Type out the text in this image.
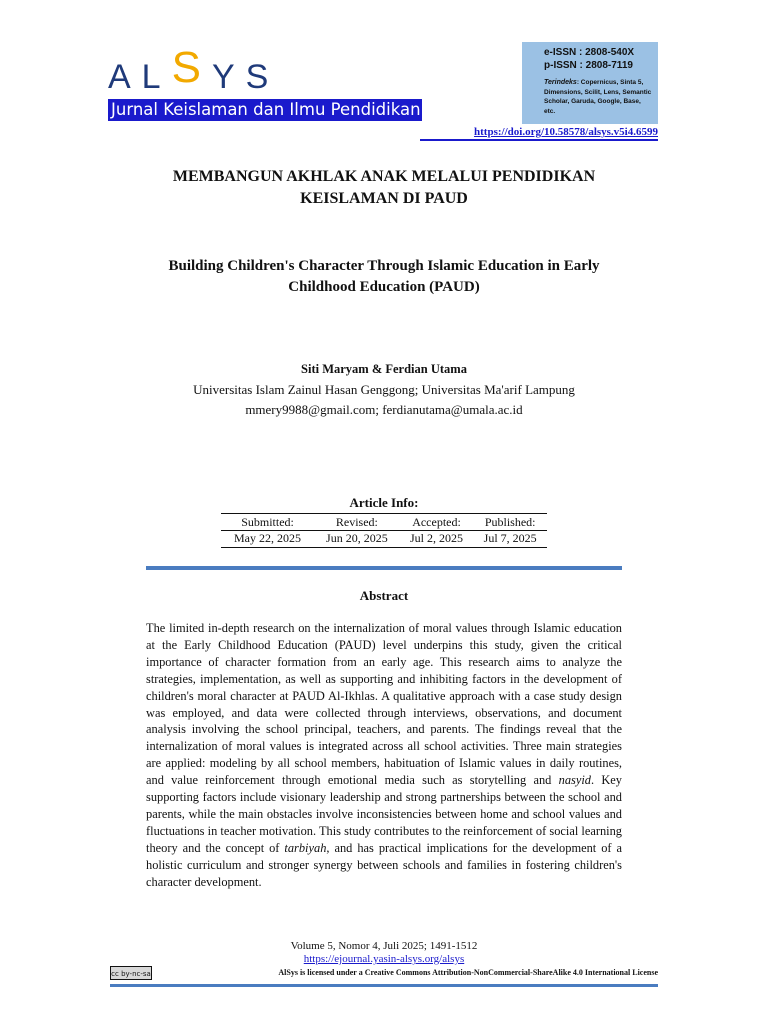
ALSYS
Jurnal Keislaman dan Ilmu Pendidikan
e-ISSN : 2808-540X
p-ISSN : 2808-7119
Terindeks: Copernicus, Sinta 5, Dimensions, Scilit, Lens, Semantic Scholar, Garuda, Google, Base, etc.
https://doi.org/10.58578/alsys.v5i4.6599
MEMBANGUN AKHLAK ANAK MELALUI PENDIDIKAN
KEISLAMAN DI PAUD
Building Children's Character Through Islamic Education in Early
Childhood Education (PAUD)
Siti Maryam & Ferdian Utama
Universitas Islam Zainul Hasan Genggong; Universitas Ma'arif Lampung
mmery9988@gmail.com; ferdianutama@umala.ac.id
Article Info:
Submitted:	Revised:	Accepted:	Published:
May 22, 2025	Jun 20, 2025	Jul 2, 2025	Jul 7, 2025
Abstract

The limited in-depth research on the internalization of moral values through Islamic education at the Early Childhood Education (PAUD) level underpins this study, given the critical importance of character formation from an early age. This research aims to analyze the strategies, implementation, as well as supporting and inhibiting factors in the development of children's moral character at PAUD Al-Ikhlas. A qualitative approach with a case study design was employed, and data were collected through interviews, observations, and document analysis involving the school principal, teachers, and parents. The findings reveal that the internalization of moral values is integrated across all school activities. Three main strategies are applied: modeling by all school members, habituation of Islamic values in daily routines, and value reinforcement through emotional media such as storytelling and nasyid. Key supporting factors include visionary leadership and strong partnerships between the school and parents, while the main obstacles involve inconsistencies between home and school values and fluctuations in teacher motivation. This study contributes to the reinforcement of social learning theory and the concept of tarbiyah, and has practical implications for the development of a holistic curriculum and stronger synergy between schools and families in fostering children's character development.

Volume 5, Nomor 4, Juli 2025; 1491-1512
https://ejournal.yasin-alsys.org/alsys
cc by-nc-sa	AlSys is licensed under a Creative Commons Attribution-NonCommercial-ShareAlike 4.0 International License
